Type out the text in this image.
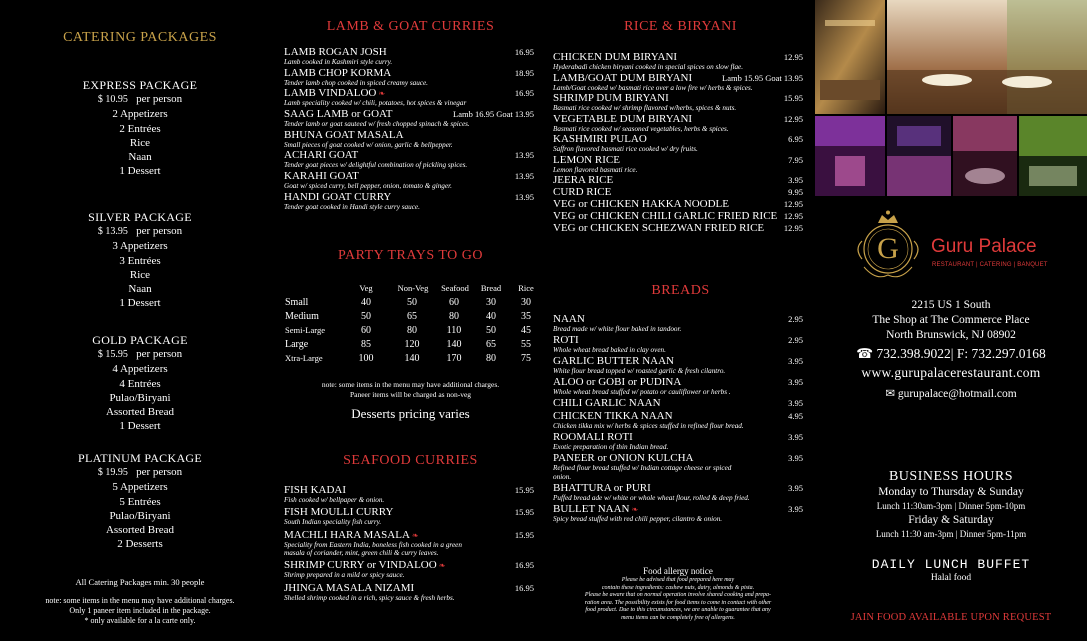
CATERING PACKAGES
EXPRESS PACKAGE
$ 10.95 per person
2 Appetizers
2 Entrées
Rice
Naan
1 Dessert
SILVER PACKAGE
$ 13.95 per person
3 Appetizers
3 Entrées
Rice
Naan
1 Dessert
GOLD PACKAGE
$ 15.95 per person
4 Appetizers
4 Entrées
Pulao/Biryani
Assorted Bread
1 Dessert
PLATINUM PACKAGE
$ 19.95 per person
5 Appetizers
5 Entrées
Pulao/Biryani
Assorted Bread
2 Desserts
All Catering Packages min. 30 people
note: some items in the menu may have additional charges.
Only 1 paneer item included in the package.
* only available for a la carte only.
LAMB & GOAT CURRIES
LAMB ROGAN JOSH
Lamb cooked in Kashmiri style curry.
16.95
LAMB CHOP KORMA
Tender lamb chop cooked in spiced creamy sauce.
18.95
LAMB VINDALOO ❧
Lamb speciality cooked w/ chili, potatoes, hot spices & vinegar
16.95
SAAG LAMB or GOAT
Tender lamb or goat sauteed w/ fresh chopped spinach & spices.
Lamb 16.95 Goat 13.95
BHUNA GOAT MASALA
Small pieces of goat cooked w/ onion, garlic & bellpepper.
ACHARI GOAT
Tender goat pieces w/ delightful combination of pickling spices.
13.95
KARAHI GOAT
Goat w/ spiced curry, bell pepper, onion, tomato & ginger.
13.95
HANDI GOAT CURRY
Tender goat cooked in Handi style curry sauce.
13.95
PARTY TRAYS TO GO
Veg	Non-Veg	Seafood	Bread	Rice
Small	40	50	60	30	30
Medium	50	65	80	40	35
Semi-Large	60	80	110	50	45
Large	85	120	140	65	55
Xtra-Large	100	140	170	80	75
note: some items in the menu may have additional charges.
Paneer items will be charged as non-veg
Desserts pricing varies
SEAFOOD CURRIES
FISH KADAI
Fish cooked w/ bellpaper & onion.
15.95
FISH MOULLI CURRY
South Indian speciality fish curry.
15.95
MACHLI HARA MASALA ❧
Speciality from Eastern India, boneless fish cooked in a green
masala of coriander, mint, green chili & curry leaves.
15.95
SHRIMP CURRY or VINDALOO ❧
Shrimp prepared in a mild or spicy sauce.
16.95
JHINGA MASALA NIZAMI
Shelled shrimp cooked in a rich, spicy sauce & fresh herbs.
16.95
RICE & BIRYANI
CHICKEN DUM BIRYANI
Hyderabadi chicken biryani cooked in special spices on slow flae.
12.95
LAMB/GOAT DUM BIRYANI
Lamb/Goat cooked w/ basmati rice over a low fire w/ herbs & spices.
Lamb 15.95 Goat 13.95
SHRIMP DUM BIRYANI
Basmati rice cooked w/ shrimp flavored w/herbs, spices & nuts.
15.95
VEGETABLE DUM BIRYANI
Basmati rice cooked w/ seasoned vegetables, herbs & spices.
12.95
KASHMIRI PULAO
Saffron flavored basmati rice cooked w/ dry fruits.
6.95
LEMON RICE
Lemon flavored basmati rice.
7.95
JEERA RICE	3.95
CURD RICE	9.95
VEG or CHICKEN HAKKA NOODLE	12.95
VEG or CHICKEN CHILI GARLIC FRIED RICE 12.95
VEG or CHICKEN SCHEZWAN FRIED RICE	12.95
BREADS
NAAN
Bread made w/ white flour baked in tandoor.
2.95
ROTI
Whole wheat bread baked in clay oven.
2.95
GARLIC BUTTER NAAN
White flour bread topped w/ roasted garlic & fresh cilantro.
3.95
ALOO or GOBI or PUDINA
Whole wheat bread stuffed w/ potato or cauliflower or herbs .
3.95
CHILI GARLIC NAAN	3.95
CHICKEN TIKKA NAAN
Chicken tikka mix w/ herbs & spices stuffed in refined flour bread.
4.95
ROOMALI ROTI
Exotic preparation of thin Indian bread.
3.95
PANEER or ONION KULCHA
Refined flour bread stuffed w/ Indian cottage cheese or spiced
onion.
3.95
BHATTURA or PURI
Puffed bread ade w/ white or whole wheat flour, rolled & deep fried.
3.95
BULLET NAAN ❧
Spicy bread stuffed with red chili pepper, cilantro & onion.
3.95
Food allergy notice
Please be advised that food prepared here may
contain these ingredients: cashew nuts, dairy, almonds & pista.
Please be aware that on normal operation involve shared cooking and prepa-
ration area. The possibility exists for food items to come in contact with other
food product. Due to this circumstances, we are unable to guarantee that any
menu items can be completely free of allergens.
G	Guru Palace
RESTAURANT | CATERING | BANQUET
2215 US 1 South
The Shop at The Commerce Place
North Brunswick, NJ 08902
☎ 732.398.9022| F: 732.297.0168
www.gurupalacerestaurant.com
✉ gurupalace@hotmail.com
BUSINESS HOURS
Monday to Thursday & Sunday
Lunch 11:30am-3pm | Dinner 5pm-10pm
Friday & Saturday
Lunch 11:30 am-3pm | Dinner 5pm-11pm
DAILY LUNCH BUFFET
Halal food
JAIN FOOD AVAILABLE UPON REQUEST
